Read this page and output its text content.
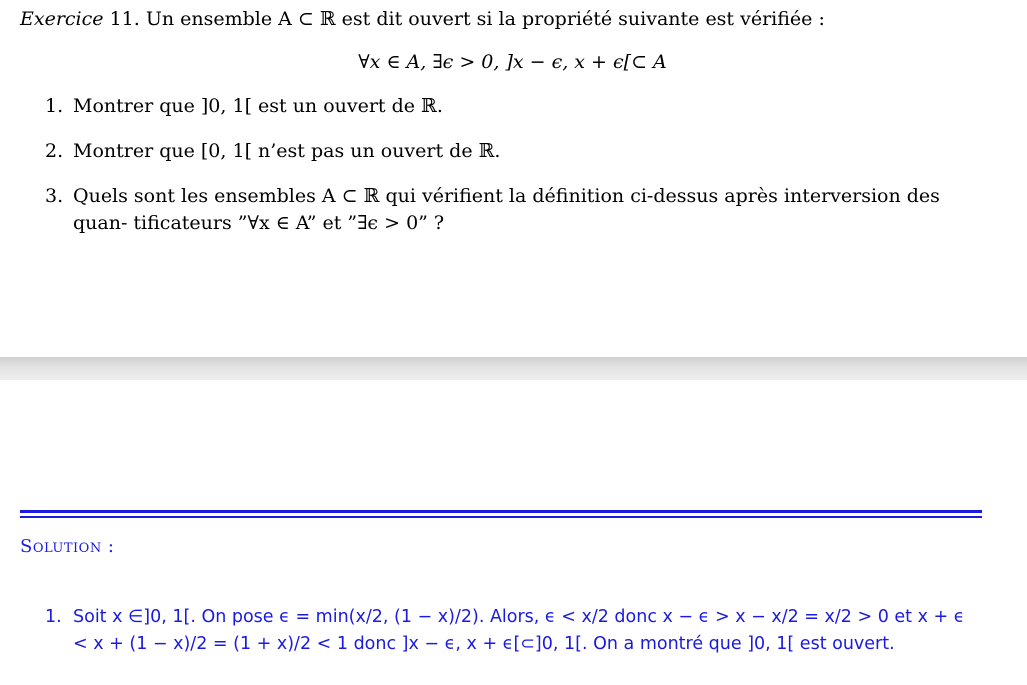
Exercice 11. Un ensemble A ⊂ ℝ est dit ouvert si la propriété suivante est vérifiée :
∀x ∈ A, ∃ϵ > 0, ]x − ϵ, x + ϵ[⊂ A
1. Montrer que ]0, 1[ est un ouvert de ℝ.
2. Montrer que [0, 1[ n’est pas un ouvert de ℝ.
3. Quels sont les ensembles A ⊂ ℝ qui vérifient la définition ci-dessus après interversion des quan- tificateurs ”∀x ∈ A” et ”∃ϵ > 0” ?
Solution :
1. Soit x ∈]0, 1[. On pose ϵ = min(x/2, (1 − x)/2). Alors, ϵ < x/2 donc x − ϵ > x − x/2 = x/2 > 0 et x + ϵ < x + (1 − x)/2 = (1 + x)/2 < 1 donc ]x − ϵ, x + ϵ[⊂]0, 1[. On a montré que ]0, 1[ est ouvert.
